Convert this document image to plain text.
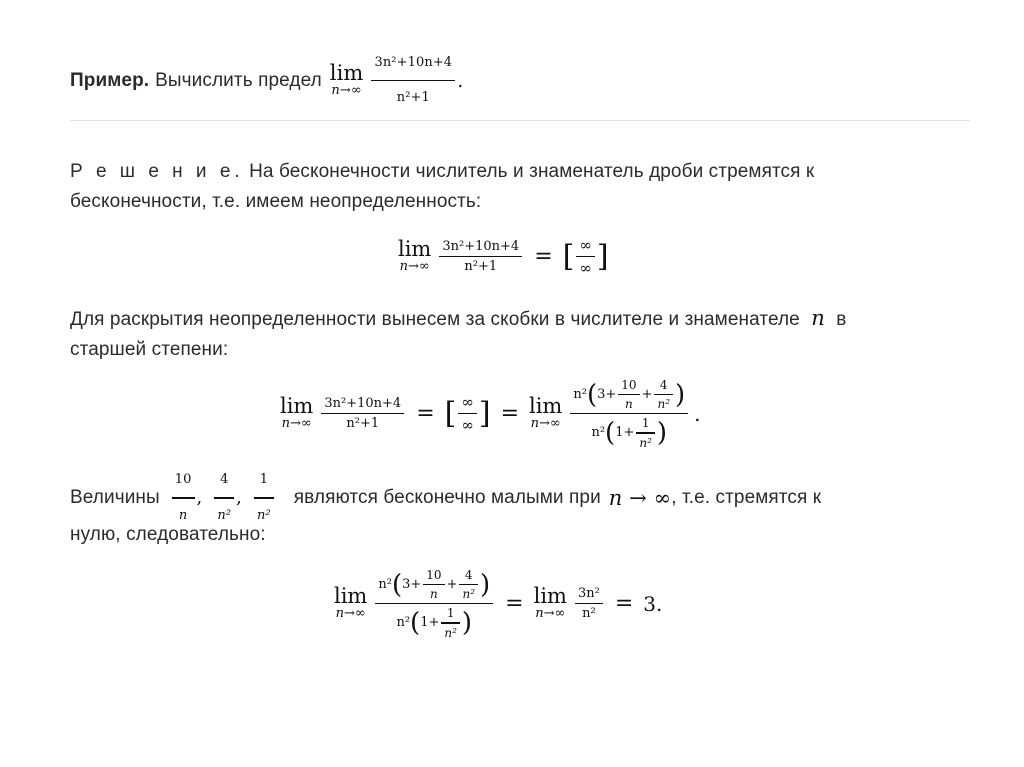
Пример. Вычислить предел lim
$n\to\infty \frac{\text{3n²+10n+4}}{\text{n²+1}}$ .
Р е ш е н и е. На бесконечности числитель и знаменатель дроби стремятся к
бесконечности, т.е. имеем неопределенность:
lim
$n\to\infty \frac{\text{3n²+10n+4}}{\text{n²+1}}$ = [ $\frac{\infty}{\infty}$ ]
Для раскрытия неопределенности вынесем за скобки в числителе и знаменателе n в
старшей степени:
lim
$n\to\infty \frac{\text{3n²+10n+4}}{\text{n²+1}}$ = [ $\frac{\infty}{\infty}$ ] = lim
n→∞
n² ( $3+ \frac{10}{n} + \frac{4}{\text{n²}}$ )
n² ( $1+ \frac{1}{\text{n²}}$ )
.
Величины $\frac{10}{n}$ , $\frac{4}{\text{n²}}$ , $\frac{1}{\text{n²}}$ являются бесконечно малыми при n → ∞ , т.е. стремятся к
нулю, следовательно:
lim
n→∞
n² ( $3+ \frac{10}{n} + \frac{4}{\text{n²}}$ )
n² ( $1+ \frac{1}{\text{n²}}$ )
= lim
$n\to\infty \frac{\text{3n²}}{\text{n²}} = 3$.
